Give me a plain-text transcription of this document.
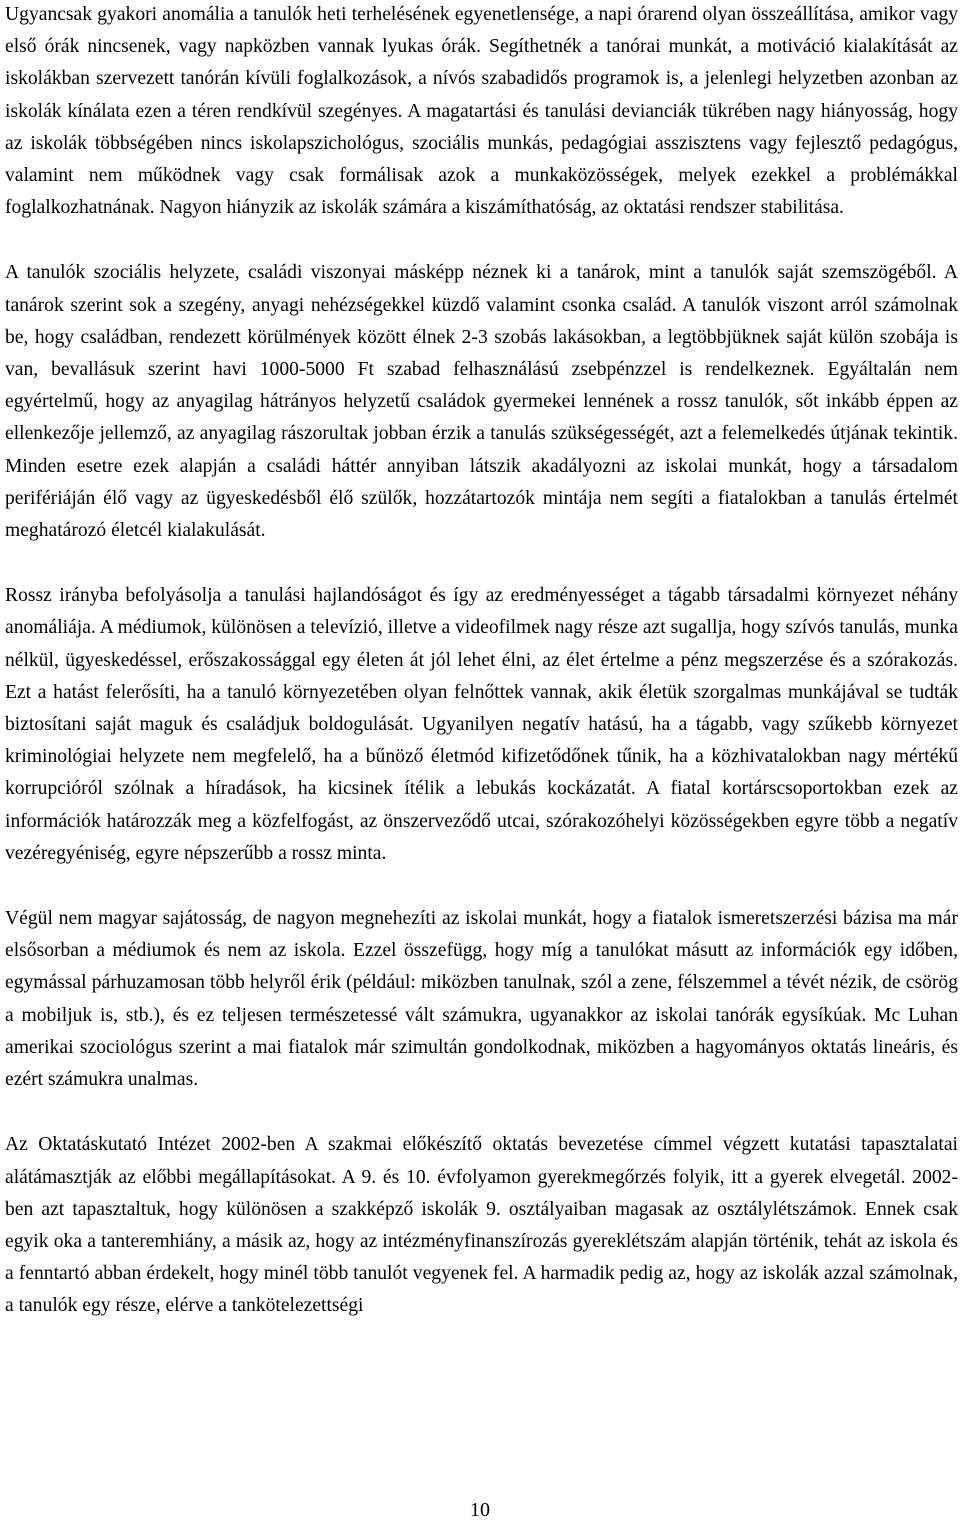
Ugyancsak gyakori anomália a tanulók heti terhelésének egyenetlensége, a napi órarend olyan összeállítása, amikor vagy első órák nincsenek, vagy napközben vannak lyukas órák. Segíthetnék a tanórai munkát, a motiváció kialakítását az iskolákban szervezett tanórán kívüli foglalkozások, a nívós szabadidős programok is, a jelenlegi helyzetben azonban az iskolák kínálata ezen a téren rendkívül szegényes. A magatartási és tanulási devianciák tükrében nagy hiányosság, hogy az iskolák többségében nincs iskolapszichológus, szociális munkás, pedagógiai asszisztens vagy fejlesztő pedagógus, valamint nem működnek vagy csak formálisak azok a munkaközösségek, melyek ezekkel a problémákkal foglalkozhatnának. Nagyon hiányzik az iskolák számára a kiszámíthatóság, az oktatási rendszer stabilitása.

A tanulók szociális helyzete, családi viszonyai másképp néznek ki a tanárok, mint a tanulók saját szemszögéből. A tanárok szerint sok a szegény, anyagi nehézségekkel küzdő valamint csonka család. A tanulók viszont arról számolnak be, hogy családban, rendezett körülmények között élnek 2-3 szobás lakásokban, a legtöbbjüknek saját külön szobája is van, bevallásuk szerint havi 1000-5000 Ft szabad felhasználású zsebpénzzel is rendelkeznek. Egyáltalán nem egyértelmű, hogy az anyagilag hátrányos helyzetű családok gyermekei lennének a rossz tanulók, sőt inkább éppen az ellenkezője jellemző, az anyagilag rászorultak jobban érzik a tanulás szükségességét, azt a felemelkedés útjának tekintik. Minden esetre ezek alapján a családi háttér annyiban látszik akadályozni az iskolai munkát, hogy a társadalom perifériáján élő vagy az ügyeskedésből élő szülők, hozzátartozók mintája nem segíti a fiatalokban a tanulás értelmét meghatározó életcél kialakulását.

Rossz irányba befolyásolja a tanulási hajlandóságot és így az eredményességet a tágabb társadalmi környezet néhány anomáliája. A médiumok, különösen a televízió, illetve a videofilmek nagy része azt sugallja, hogy szívós tanulás, munka nélkül, ügyeskedéssel, erőszakossággal egy életen át jól lehet élni, az élet értelme a pénz megszerzése és a szórakozás. Ezt a hatást felerősíti, ha a tanuló környezetében olyan felnőttek vannak, akik életük szorgalmas munkájával se tudták biztosítani saját maguk és családjuk boldogulását. Ugyanilyen negatív hatású, ha a tágabb, vagy szűkebb környezet kriminológiai helyzete nem megfelelő, ha a bűnöző életmód kifizetődőnek tűnik, ha a közhivatalokban nagy mértékű korrupcióról szólnak a híradások, ha kicsinek ítélik a lebukás kockázatát. A fiatal kortárscsoportokban ezek az információk határozzák meg a közfelfogást, az önszerveződő utcai, szórakozóhelyi közösségekben egyre több a negatív vezéregyéniség, egyre népszerűbb a rossz minta.

Végül nem magyar sajátosság, de nagyon megnehezíti az iskolai munkát, hogy a fiatalok ismeretszerzési bázisa ma már elsősorban a médiumok és nem az iskola. Ezzel összefügg, hogy míg a tanulókat másutt az információk egy időben, egymással párhuzamosan több helyről érik (például: miközben tanulnak, szól a zene, félszemmel a tévét nézik, de csörög a mobiljuk is, stb.), és ez teljesen természetessé vált számukra, ugyanakkor az iskolai tanórák egysíkúak. Mc Luhan amerikai szociológus szerint a mai fiatalok már szimultán gondolkodnak, miközben a hagyományos oktatás lineáris, és ezért számukra unalmas.

Az Oktatáskutató Intézet 2002-ben A szakmai előkészítő oktatás bevezetése címmel végzett kutatási tapasztalatai alátámasztják az előbbi megállapításokat. A 9. és 10. évfolyamon gyerekmegőrzés folyik, itt a gyerek elvegetál. 2002-ben azt tapasztaltuk, hogy különösen a szakképző iskolák 9. osztályaiban magasak az osztálylétszámok. Ennek csak egyik oka a tanteremhiány, a másik az, hogy az intézményfinanszírozás gyereklétszám alapján történik, tehát az iskola és a fenntartó abban érdekelt, hogy minél több tanulót vegyenek fel. A harmadik pedig az, hogy az iskolák azzal számolnak, a tanulók egy része, elérve a tankötelezettségi

10
